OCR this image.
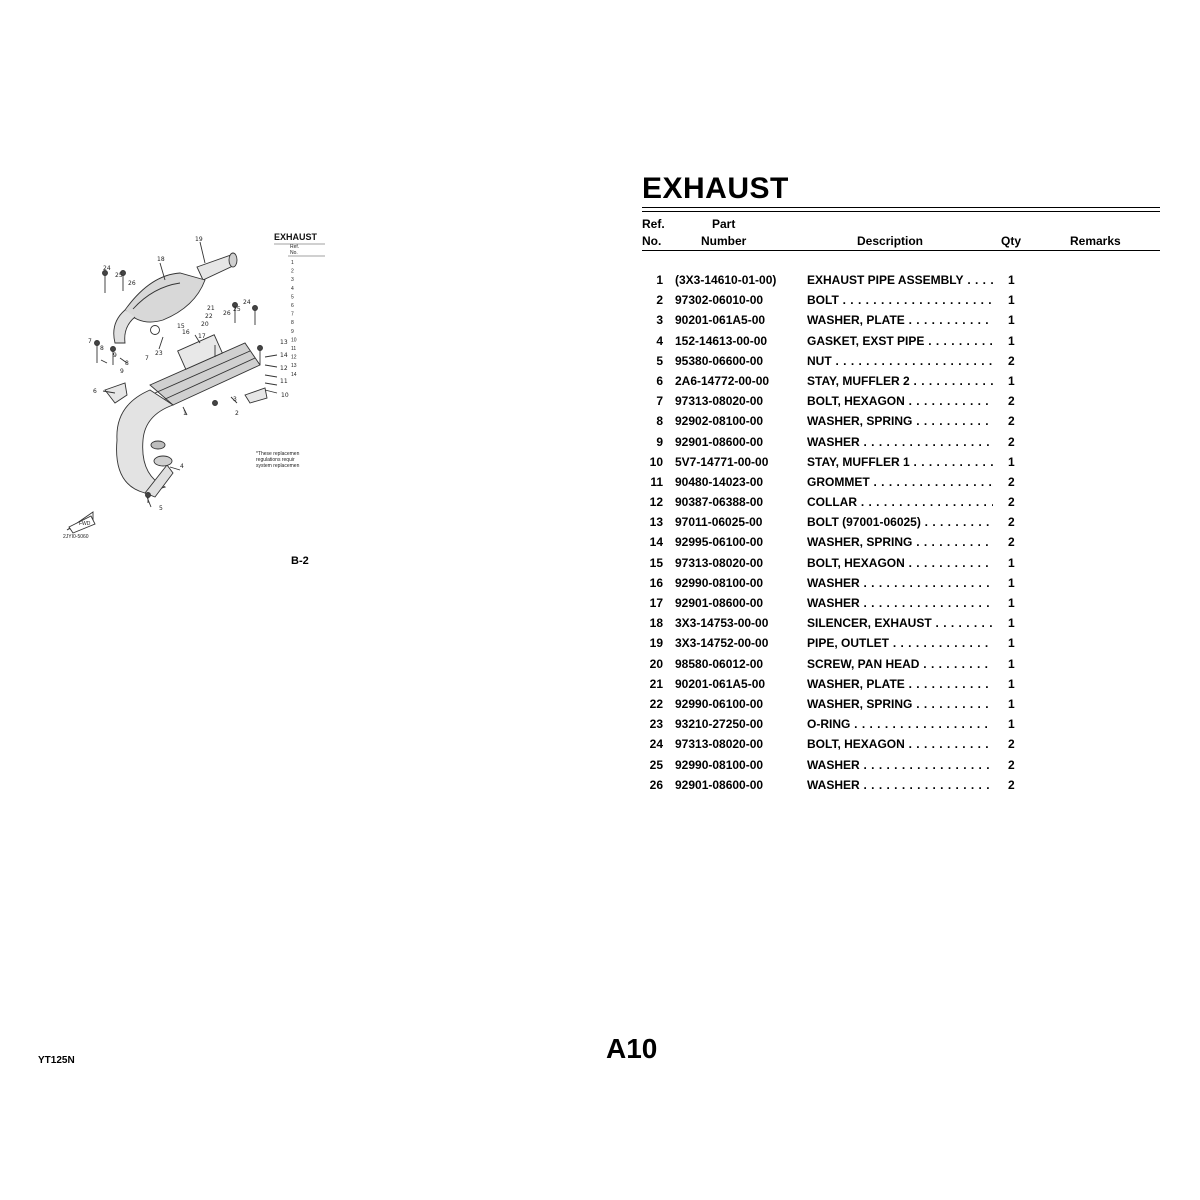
19
18
24
25
26
21
22
20
25
24
26
15
16
17
23
7
8
9	7
8
9
6
1
13
14
12
11
10
3
2
4
5
EXHAUST
Ref.
No.
1
2
3
4
5
6
7
8
9
10
11
12
13
14
*These replacemen
regulations requir
system replacemen
2JYI0-5060
FWD
B-2
EXHAUST
Ref.
No.
Part
Number	Description	Qty	Remarks
1 (3X3-14610-01-00)	EXHAUST PIPE ASSEMBLY . . .	1
2 97302-06010-00	BOLT . . .	1
3 90201-061A5-00	WASHER, PLATE . . .	1
4 152-14613-00-00	GASKET, EXST PIPE . . .	1
5 95380-06600-00	NUT . . .	2
6 2A6-14772-00-00	STAY, MUFFLER 2 . . .	1
7 97313-08020-00	BOLT, HEXAGON . . .	2
8 92902-08100-00	WASHER, SPRING . . .	2
9 92901-08600-00	WASHER . . .	2
10 5V7-14771-00-00	STAY, MUFFLER 1 . . .	1
11 90480-14023-00	GROMMET . . .	2
12 90387-06388-00	COLLAR . . .	2
13 97011-06025-00	BOLT (97001-06025) . . .	2
14 92995-06100-00	WASHER, SPRING . . .	2
15 97313-08020-00	BOLT, HEXAGON . . .	1
16 92990-08100-00	WASHER . . .	1
17 92901-08600-00	WASHER . . .	1
18 3X3-14753-00-00	SILENCER, EXHAUST . . .	1
19 3X3-14752-00-00	PIPE, OUTLET . . .	1
20 98580-06012-00	SCREW, PAN HEAD . . .	1
21 90201-061A5-00	WASHER, PLATE . . .	1
22 92990-06100-00	WASHER, SPRING . . .	1
23 93210-27250-00	O-RING . . .	1
24 97313-08020-00	BOLT, HEXAGON . . .	2
25 92990-08100-00	WASHER . . .	2
26 92901-08600-00	WASHER . . .	2
A10
YT125N
